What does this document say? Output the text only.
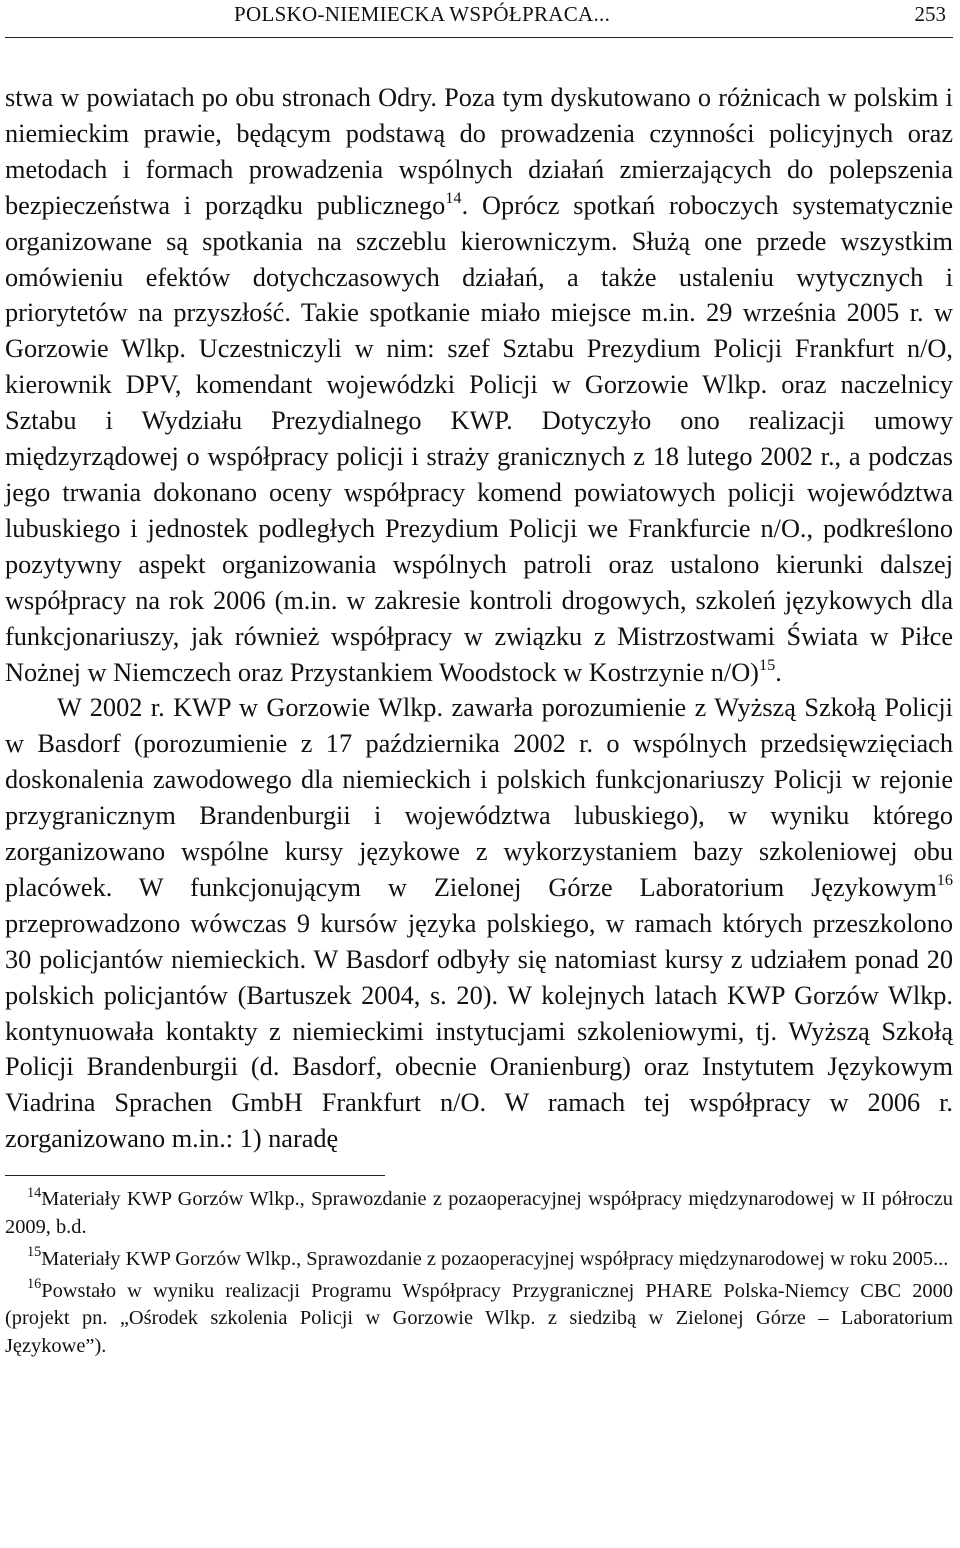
POLSKO-NIEMIECKA WSPÓŁPRACA...	253

stwa w powiatach po obu stronach Odry. Poza tym dyskutowano o różnicach w polskim i niemieckim prawie, będącym podstawą do prowadzenia czynności policyjnych oraz metodach i formach prowadzenia wspólnych działań zmierzających do polepszenia bezpieczeństwa i porządku publicznego$^{14}$. Oprócz spotkań roboczych systematycznie organizowane są spotkania na szczeblu kierowniczym. Służą one przede wszystkim omówieniu efektów dotychczasowych działań, a także ustaleniu wytycznych i priorytetów na przyszłość. Takie spotkanie miało miejsce m.in. 29 września 2005 r. w Gorzowie Wlkp. Uczestniczyli w nim: szef Sztabu Prezydium Policji Frankfurt n/O, kierownik DPV, komendant wojewódzki Policji w Gorzowie Wlkp. oraz naczelnicy Sztabu i Wydziału Prezydialnego KWP. Dotyczyło ono realizacji umowy międzyrządowej o współpracy policji i straży granicznych z 18 lutego 2002 r., a podczas jego trwania dokonano oceny współpracy komend powiatowych policji województwa lubuskiego i jednostek podległych Prezydium Policji we Frankfurcie n/O., podkreślono pozytywny aspekt organizowania wspólnych patroli oraz ustalono kierunki dalszej współpracy na rok 2006 (m.in. w zakresie kontroli drogowych, szkoleń językowych dla funkcjonariuszy, jak również współpracy w związku z Mistrzostwami Świata w Piłce Nożnej w Niemczech oraz Przystankiem Woodstock w Kostrzynie n/O)$^{15}$.

W 2002 r. KWP w Gorzowie Wlkp. zawarła porozumienie z Wyższą Szkołą Policji w Basdorf (porozumienie z 17 października 2002 r. o wspólnych przedsięwzięciach doskonalenia zawodowego dla niemieckich i polskich funkcjonariuszy Policji w rejonie przygranicznym Brandenburgii i województwa lubuskiego), w wyniku którego zorganizowano wspólne kursy językowe z wykorzystaniem bazy szkoleniowej obu placówek. W funkcjonującym w Zielonej Górze Laboratorium Językowym$^{16}$ przeprowadzono wówczas 9 kursów języka polskiego, w ramach których przeszkolono 30 policjantów niemieckich. W Basdorf odbyły się natomiast kursy z udziałem ponad 20 polskich policjantów (Bartuszek 2004, s. 20). W kolejnych latach KWP Gorzów Wlkp. kontynuowała kontakty z niemieckimi instytucjami szkoleniowymi, tj. Wyższą Szkołą Policji Brandenburgii (d. Basdorf, obecnie Oranienburg) oraz Instytutem Językowym Viadrina Sprachen GmbH Frankfurt n/O. W ramach tej współpracy w 2006 r. zorganizowano m.in.: 1) naradę

$^{14}$Materiały KWP Gorzów Wlkp., Sprawozdanie z pozaoperacyjnej współpracy międzynarodowej w II półroczu 2009, b.d.

$^{15}$Materiały KWP Gorzów Wlkp., Sprawozdanie z pozaoperacyjnej współpracy międzynarodowej w roku 2005...

$^{16}$Powstało w wyniku realizacji Programu Współpracy Przygranicznej PHARE Polska-Niemcy CBC 2000 (projekt pn. „Ośrodek szkolenia Policji w Gorzowie Wlkp. z siedzibą w Zielonej Górze – Laboratorium Językowe”).
